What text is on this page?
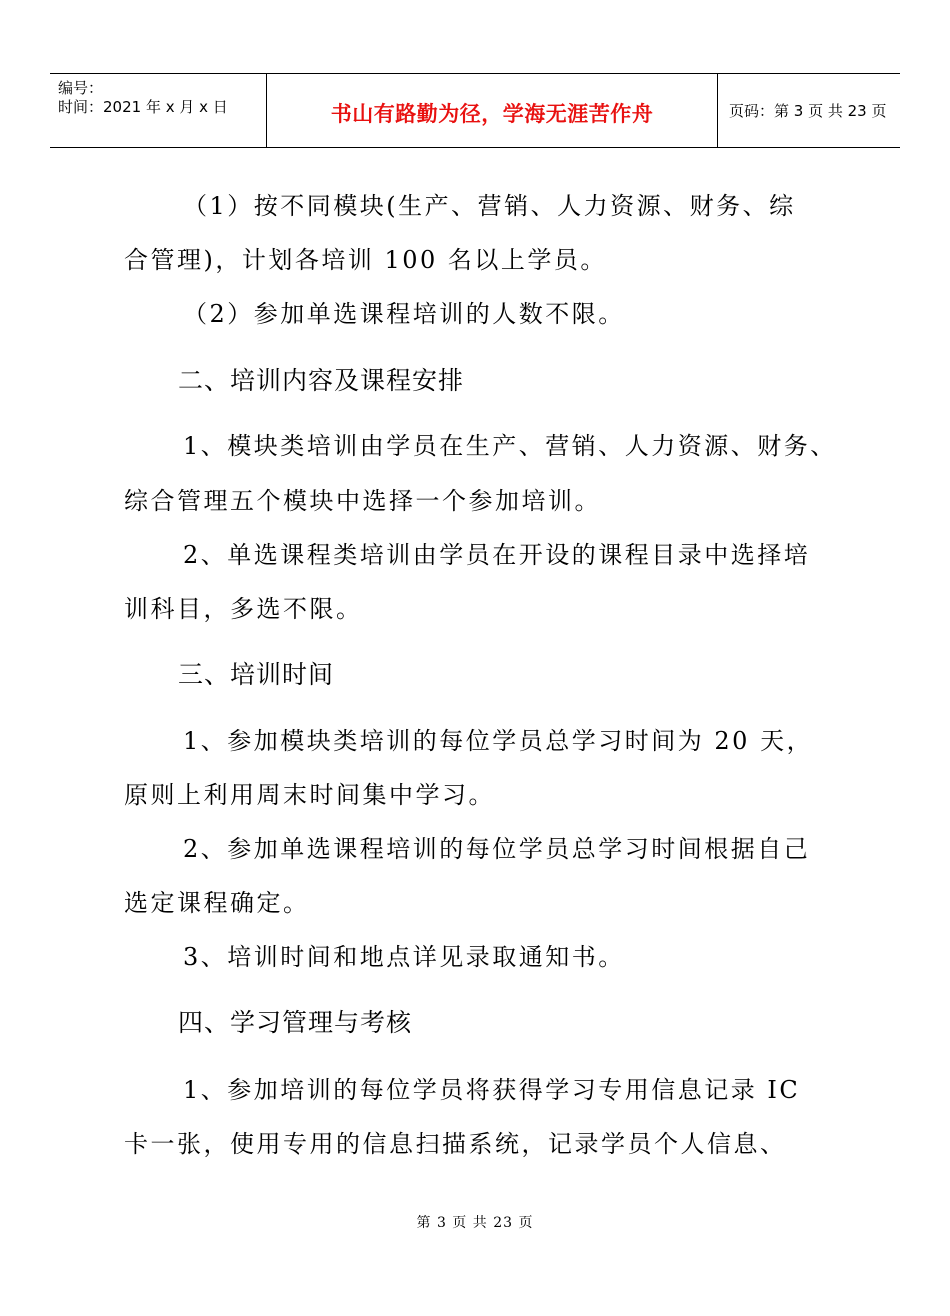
编号：
时间：2021 年 x 月 x 日	书山有路勤为径，学海无涯苦作舟	页码：第 3 页 共 23 页
（1）按不同模块(生产、营销、人力资源、财务、综
合管理)，计划各培训 100 名以上学员。
（2）参加单选课程培训的人数不限。
二、培训内容及课程安排
1、模块类培训由学员在生产、营销、人力资源、财务、
综合管理五个模块中选择一个参加培训。
2、单选课程类培训由学员在开设的课程目录中选择培
训科目，多选不限。
三、培训时间
1、参加模块类培训的每位学员总学习时间为 20 天，
原则上利用周末时间集中学习。
2、参加单选课程培训的每位学员总学习时间根据自己
选定课程确定。
3、培训时间和地点详见录取通知书。
四、学习管理与考核
1、参加培训的每位学员将获得学习专用信息记录 IC
卡一张，使用专用的信息扫描系统，记录学员个人信息、
第 3 页 共 23 页
